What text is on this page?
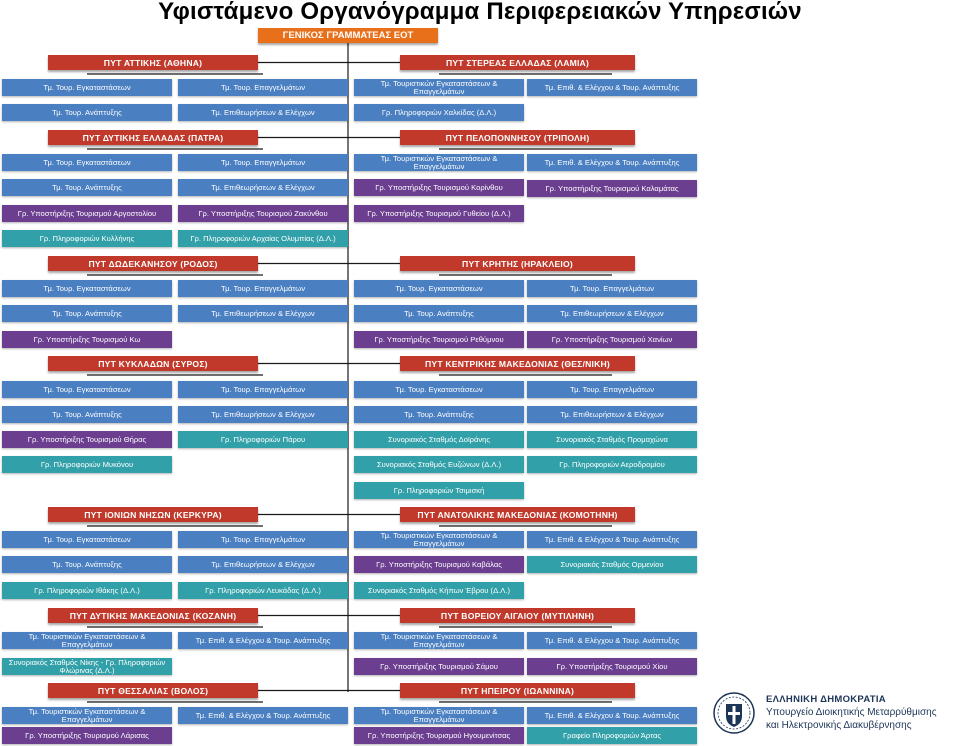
Υφιστάμενο Οργανόγραμμα Περιφερειακών Υπηρεσιών
ΓΕΝΙΚΟΣ ΓΡΑΜΜΑΤΕΑΣ ΕΟΤ
ΠΥΤ ΑΤΤΙΚΗΣ (ΑΘΗΝΑ)
Τμ. Τουρ. Εγκαταστάσεων	Τμ. Τουρ. Επαγγελμάτων
Τμ. Τουρ. Ανάπτυξης	Τμ. Επιθεωρήσεων & Ελέγχων
ΠΥΤ ΣΤΕΡΕΑΣ ΕΛΛΑΔΑΣ (ΛΑΜΙΑ)
Τμ. Τουριστικών Εγκαταστάσεων & Επαγγελμάτων	Τμ. Επιθ. & Ελέγχου & Τουρ. Ανάπτυξης
Γρ. Πληροφοριών Χαλκίδας (Δ.Λ.)
ΠΥΤ ΔΥΤΙΚΗΣ ΕΛΛΑΔΑΣ (ΠΑΤΡΑ)
Τμ. Τουρ. Εγκαταστάσεων	Τμ. Τουρ. Επαγγελμάτων
Τμ. Τουρ. Ανάπτυξης	Τμ. Επιθεωρήσεων & Ελέγχων
Γρ. Υποστήριξης Τουρισμού Αργοστολίου	Γρ. Υποστήριξης Τουρισμού Ζακύνθου
Γρ. Πληροφοριών Κυλλήνης	Γρ. Πληροφοριών Αρχαίας Ολυμπίας (Δ.Λ.)
ΠΥΤ ΠΕΛΟΠΟΝΝΗΣΟΥ (ΤΡΙΠΟΛΗ)
Τμ. Τουριστικών Εγκαταστάσεων & Επαγγελμάτων	Τμ. Επιθ. & Ελέγχου & Τουρ. Ανάπτυξης
Γρ. Υποστήριξης Τουρισμού Κορίνθου	Γρ. Υποστήριξης Τουρισμού Καλαμάτας
Γρ. Υποστήριξης Τουρισμού Γυθείου (Δ.Λ.)
ΠΥΤ ΔΩΔΕΚΑΝΗΣΟΥ (ΡΟΔΟΣ)
Τμ. Τουρ. Εγκαταστάσεων	Τμ. Τουρ. Επαγγελμάτων
Τμ. Τουρ. Ανάπτυξης	Τμ. Επιθεωρήσεων & Ελέγχων
Γρ. Υποστήριξης Τουρισμού Κω
ΠΥΤ ΚΡΗΤΗΣ (ΗΡΑΚΛΕΙΟ)
Τμ. Τουρ. Εγκαταστάσεων	Τμ. Τουρ. Επαγγελμάτων
Τμ. Τουρ. Ανάπτυξης	Τμ. Επιθεωρήσεων & Ελέγχων
Γρ. Υποστήριξης Τουρισμού Ρεθύμνου	Γρ. Υποστήριξης Τουρισμού Χανίων
ΠΥΤ ΚΥΚΛΑΔΩΝ (ΣΥΡΟΣ)
Τμ. Τουρ. Εγκαταστάσεων	Τμ. Τουρ. Επαγγελμάτων
Τμ. Τουρ. Ανάπτυξης	Τμ. Επιθεωρήσεων & Ελέγχων
Γρ. Υποστήριξης Τουρισμού Θήρας	Γρ. Πληροφοριών Πάρου
Γρ. Πληροφοριών Μυκόνου
ΠΥΤ ΚΕΝΤΡΙΚΗΣ ΜΑΚΕΔΟΝΙΑΣ (ΘΕΣ/ΝΙΚΗ)
Τμ. Τουρ. Εγκαταστάσεων	Τμ. Τουρ. Επαγγελμάτων
Τμ. Τουρ. Ανάπτυξης	Τμ. Επιθεωρήσεων & Ελέγχων
Συνοριακός Σταθμός Δοϊράνης	Συνοριακός Σταθμός Προμαχώνα
Συνοριακός Σταθμός Ευζώνων (Δ.Λ.)	Γρ. Πληροφοριών Αεροδρομίου
Γρ. Πληροφοριών Τσιμισκή
ΠΥΤ ΙΟΝΙΩΝ ΝΗΣΩΝ (ΚΕΡΚΥΡΑ)
Τμ. Τουρ. Εγκαταστάσεων	Τμ. Τουρ. Επαγγελμάτων
Τμ. Τουρ. Ανάπτυξης	Τμ. Επιθεωρήσεων & Ελέγχων
Γρ. Πληροφοριών Ιθάκης (Δ.Λ.)	Γρ. Πληροφοριών Λευκάδας (Δ.Λ.)
ΠΥΤ ΑΝΑΤΟΛΙΚΗΣ ΜΑΚΕΔΟΝΙΑΣ (ΚΟΜΟΤΗΝΗ)
Τμ. Τουριστικών Εγκαταστάσεων & Επαγγελμάτων	Τμ. Επιθ. & Ελέγχου & Τουρ. Ανάπτυξης
Γρ. Υποστήριξης Τουρισμού Καβάλας	Συνοριακός Σταθμός Ορμενίου
Συνοριακός Σταθμός Κήπων Έβρου (Δ.Λ.)
ΠΥΤ ΔΥΤΙΚΗΣ ΜΑΚΕΔΟΝΙΑΣ (ΚΟΖΑΝΗ)
Τμ. Τουριστικών Εγκαταστάσεων & Επαγγελμάτων	Τμ. Επιθ. & Ελέγχου & Τουρ. Ανάπτυξης
Συνοριακός Σταθμός Νίκης - Γρ. Πληροφοριών Φλώρινας (Δ.Λ.)
ΠΥΤ ΒΟΡΕΙΟΥ ΑΙΓΑΙΟΥ (ΜΥΤΙΛΗΝΗ)
Τμ. Τουριστικών Εγκαταστάσεων & Επαγγελμάτων	Τμ. Επιθ. & Ελέγχου & Τουρ. Ανάπτυξης
Γρ. Υποστήριξης Τουρισμού Σάμου	Γρ. Υποστήριξης Τουρισμού Χίου
ΠΥΤ ΘΕΣΣΑΛΙΑΣ (ΒΟΛΟΣ)
Τμ. Τουριστικών Εγκαταστάσεων & Επαγγελμάτων	Τμ. Επιθ. & Ελέγχου & Τουρ. Ανάπτυξης
Γρ. Υποστήριξης Τουρισμού Λάρισας
ΠΥΤ ΗΠΕΙΡΟΥ (ΙΩΑΝΝΙΝΑ)
Τμ. Τουριστικών Εγκαταστάσεων & Επαγγελμάτων	Τμ. Επιθ. & Ελέγχου & Τουρ. Ανάπτυξης
Γρ. Υποστήριξης Τουρισμού Ηγουμενίτσας	Γραφείο Πληροφοριών Άρτας
ΕΛΛΗΝΙΚΗ ΔΗΜΟΚΡΑΤΙΑ
Υπουργείο Διοικητικής Μεταρρύθμισης
και Ηλεκτρονικής Διακυβέρνησης
